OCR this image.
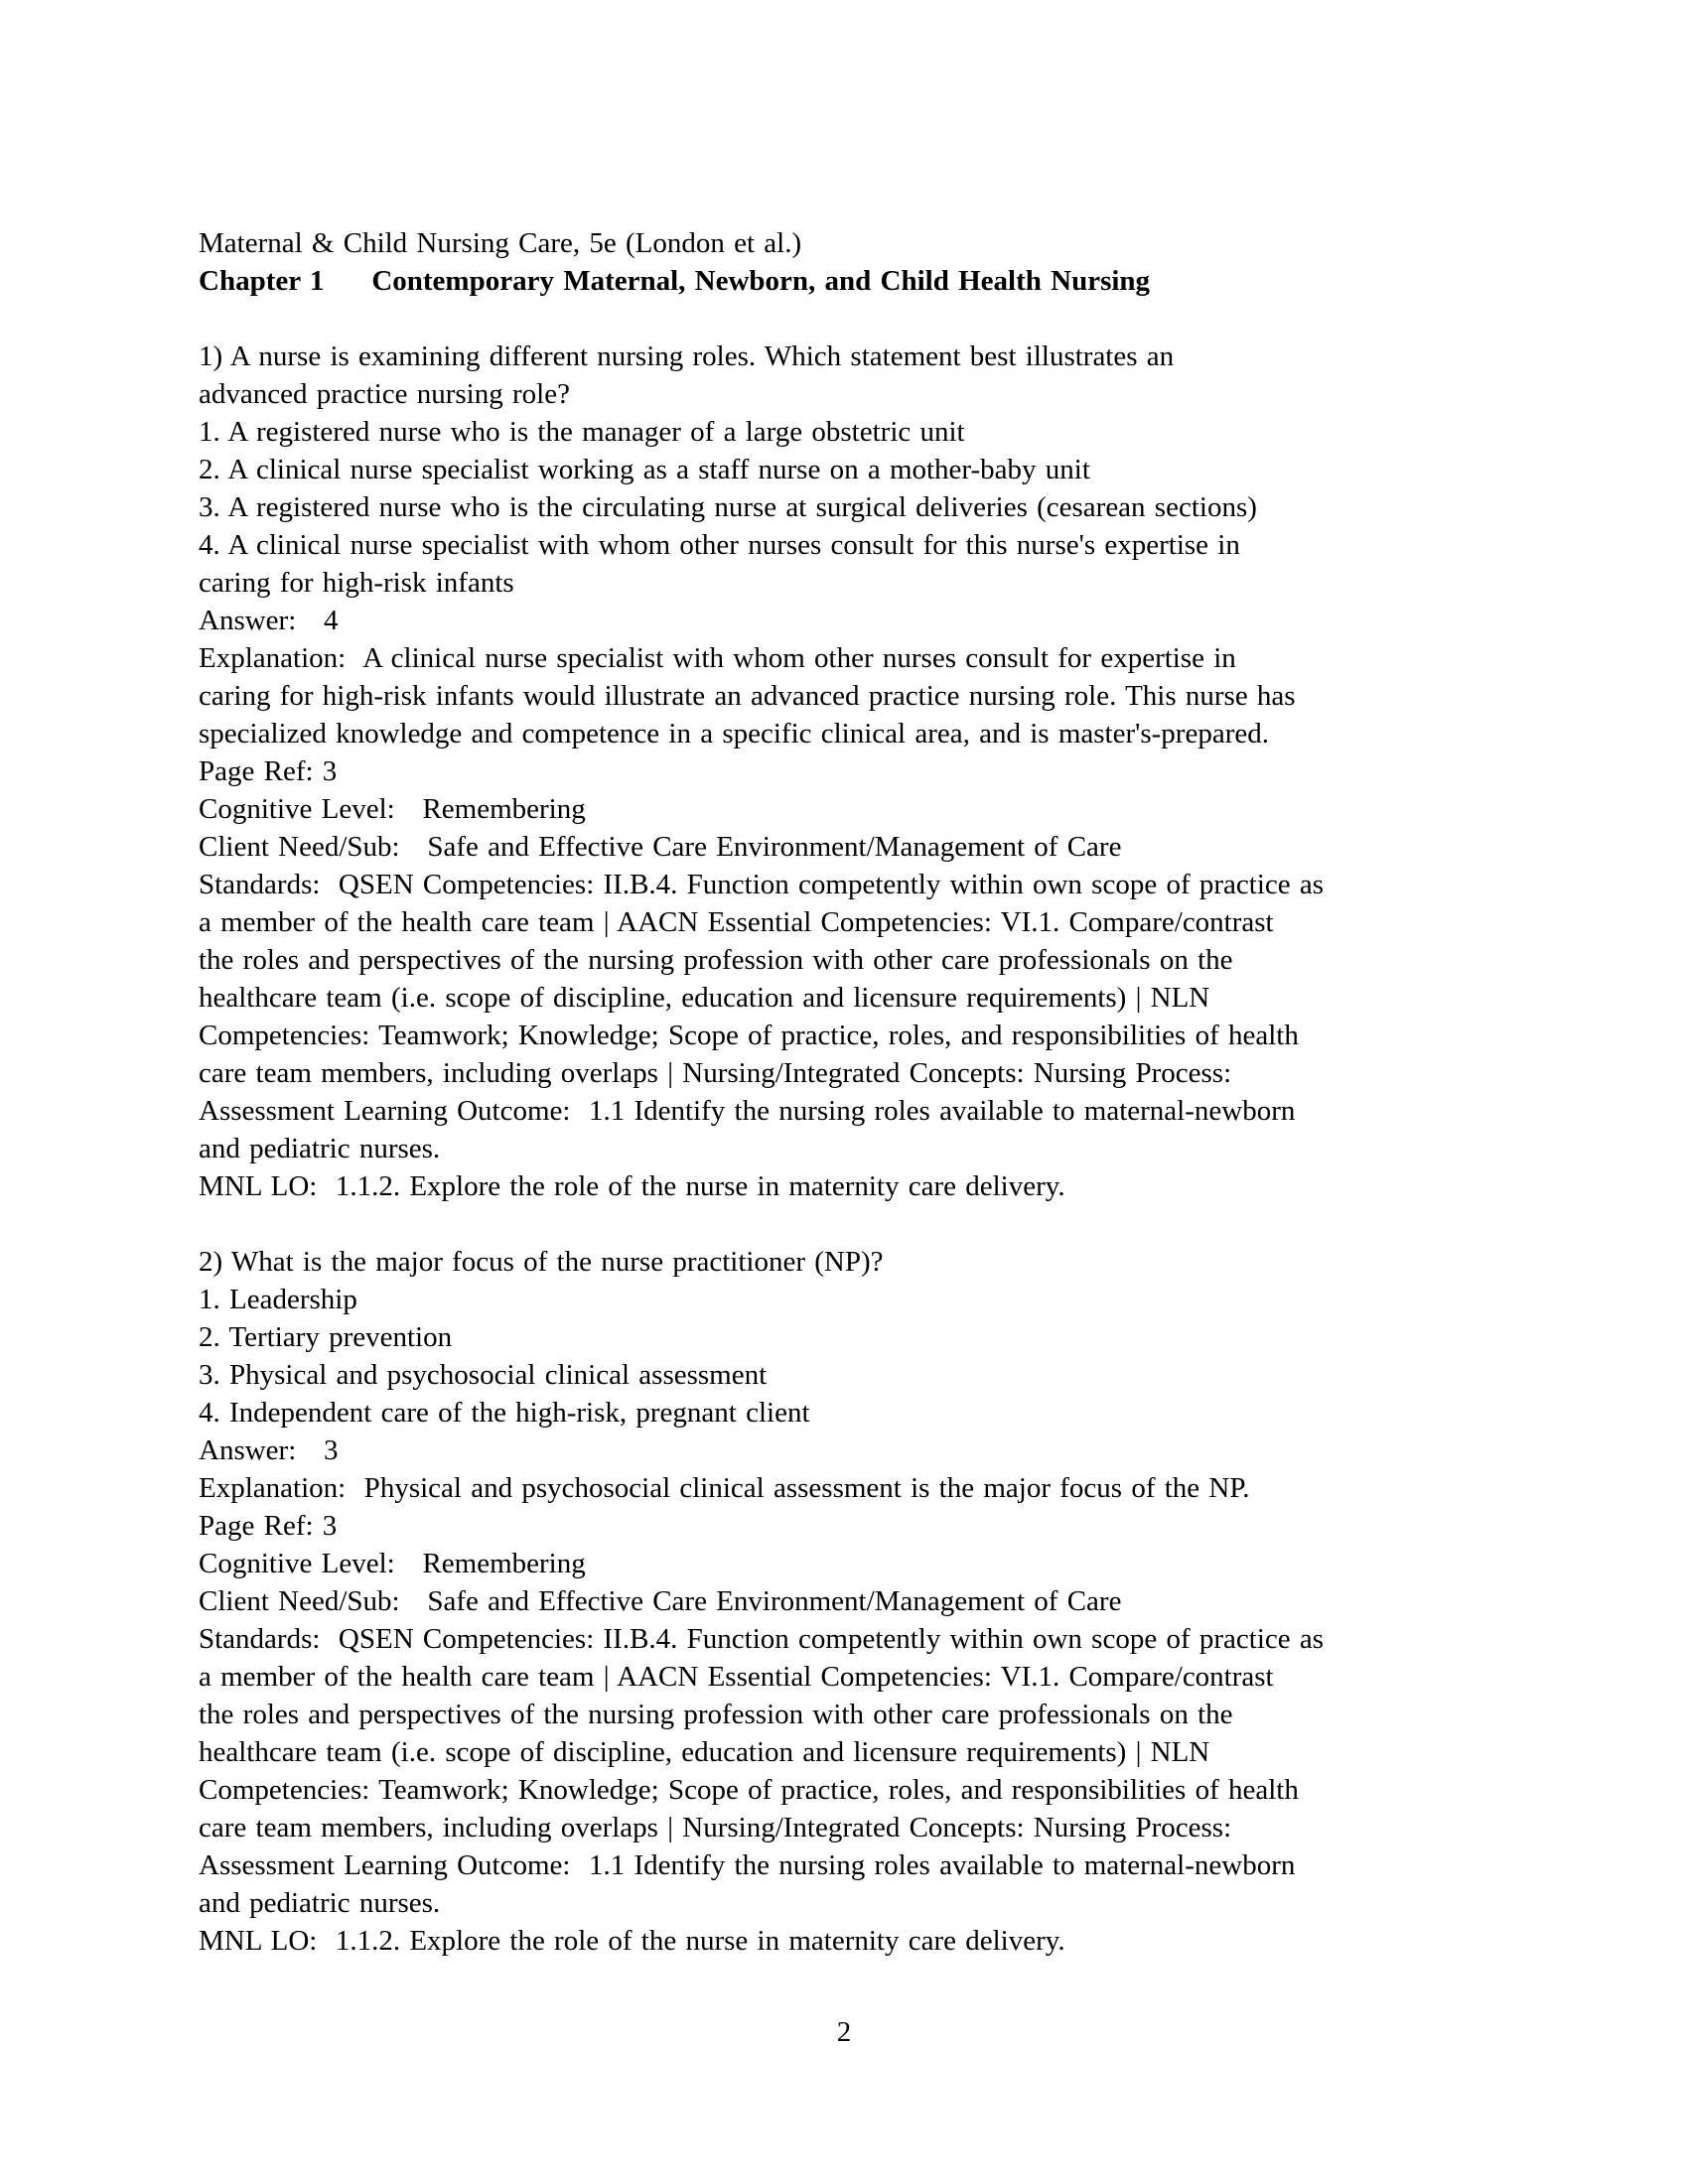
Maternal & Child Nursing Care, 5e (London et al.)
Chapter 1 Contemporary Maternal, Newborn, and Child Health Nursing
1) A nurse is examining different nursing roles. Which statement best illustrates an
advanced practice nursing role?
1. A registered nurse who is the manager of a large obstetric unit
2. A clinical nurse specialist working as a staff nurse on a mother-baby unit
3. A registered nurse who is the circulating nurse at surgical deliveries (cesarean sections)
4. A clinical nurse specialist with whom other nurses consult for this nurse's expertise in
caring for high-risk infants
Answer:   4
Explanation:  A clinical nurse specialist with whom other nurses consult for expertise in
caring for high-risk infants would illustrate an advanced practice nursing role. This nurse has
specialized knowledge and competence in a specific clinical area, and is master's-prepared.
Page Ref: 3
Cognitive Level:   Remembering
Client Need/Sub:   Safe and Effective Care Environment/Management of Care
Standards:  QSEN Competencies: II.B.4. Function competently within own scope of practice as
a member of the health care team | AACN Essential Competencies: VI.1. Compare/contrast
the roles and perspectives of the nursing profession with other care professionals on the
healthcare team (i.e. scope of discipline, education and licensure requirements) | NLN
Competencies: Teamwork; Knowledge; Scope of practice, roles, and responsibilities of health
care team members, including overlaps | Nursing/Integrated Concepts: Nursing Process:
Assessment Learning Outcome:  1.1 Identify the nursing roles available to maternal-newborn
and pediatric nurses.
MNL LO:  1.1.2. Explore the role of the nurse in maternity care delivery.
2) What is the major focus of the nurse practitioner (NP)?
1. Leadership
2. Tertiary prevention
3. Physical and psychosocial clinical assessment
4. Independent care of the high-risk, pregnant client
Answer:   3
Explanation:  Physical and psychosocial clinical assessment is the major focus of the NP.
Page Ref: 3
Cognitive Level:   Remembering
Client Need/Sub:   Safe and Effective Care Environment/Management of Care
Standards:  QSEN Competencies: II.B.4. Function competently within own scope of practice as
a member of the health care team | AACN Essential Competencies: VI.1. Compare/contrast
the roles and perspectives of the nursing profession with other care professionals on the
healthcare team (i.e. scope of discipline, education and licensure requirements) | NLN
Competencies: Teamwork; Knowledge; Scope of practice, roles, and responsibilities of health
care team members, including overlaps | Nursing/Integrated Concepts: Nursing Process:
Assessment Learning Outcome:  1.1 Identify the nursing roles available to maternal-newborn
and pediatric nurses.
MNL LO:  1.1.2. Explore the role of the nurse in maternity care delivery.
2
